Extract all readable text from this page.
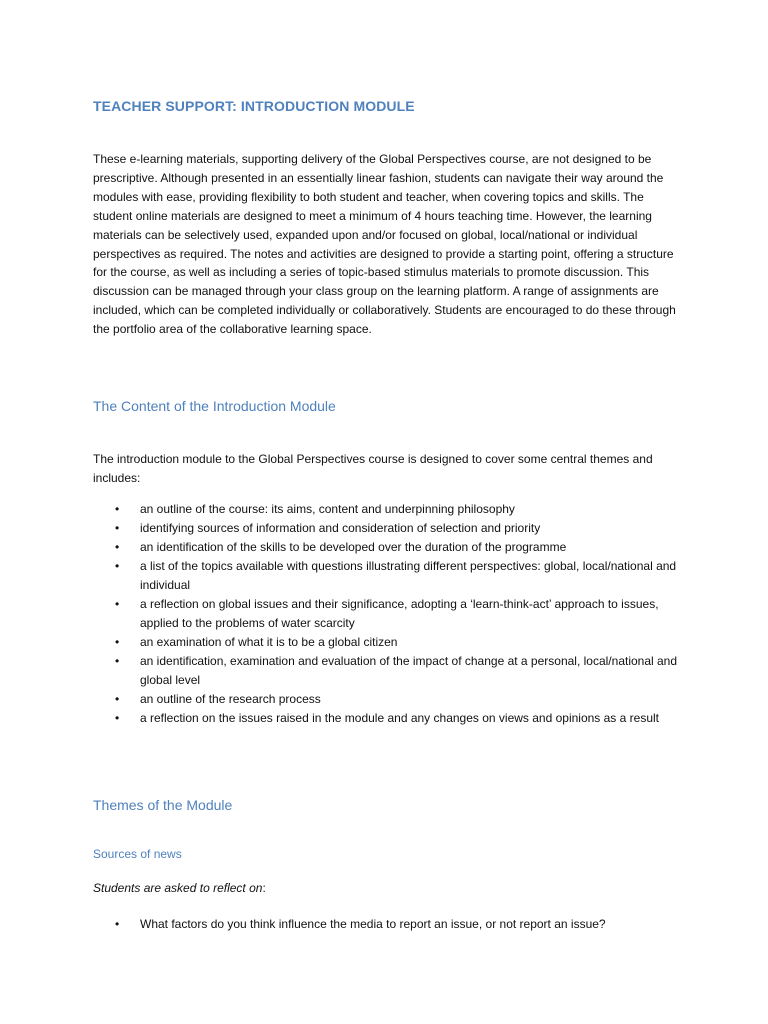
TEACHER SUPPORT: INTRODUCTION MODULE

These e-learning materials, supporting delivery of the Global Perspectives course, are not designed to be prescriptive. Although presented in an essentially linear fashion, students can navigate their way around the modules with ease, providing flexibility to both student and teacher, when covering topics and skills. The student online materials are designed to meet a minimum of 4 hours teaching time. However, the learning materials can be selectively used, expanded upon and/or focused on global, local/national or individual perspectives as required. The notes and activities are designed to provide a starting point, offering a structure for the course, as well as including a series of topic-based stimulus materials to promote discussion. This discussion can be managed through your class group on the learning platform. A range of assignments are included, which can be completed individually or collaboratively. Students are encouraged to do these through the portfolio area of the collaborative learning space.

The Content of the Introduction Module

The introduction module to the Global Perspectives course is designed to cover some central themes and includes:

• an outline of the course: its aims, content and underpinning philosophy
• identifying sources of information and consideration of selection and priority
• an identification of the skills to be developed over the duration of the programme
• a list of the topics available with questions illustrating different perspectives: global, local/national and individual
• a reflection on global issues and their significance, adopting a ‘learn-think-act’ approach to issues, applied to the problems of water scarcity
• an examination of what it is to be a global citizen
• an identification, examination and evaluation of the impact of change at a personal, local/national and global level
• an outline of the research process
• a reflection on the issues raised in the module and any changes on views and opinions as a result
Themes of the Module
Sources of news
Students are asked to reflect on:
• What factors do you think influence the media to report an issue, or not report an issue?
